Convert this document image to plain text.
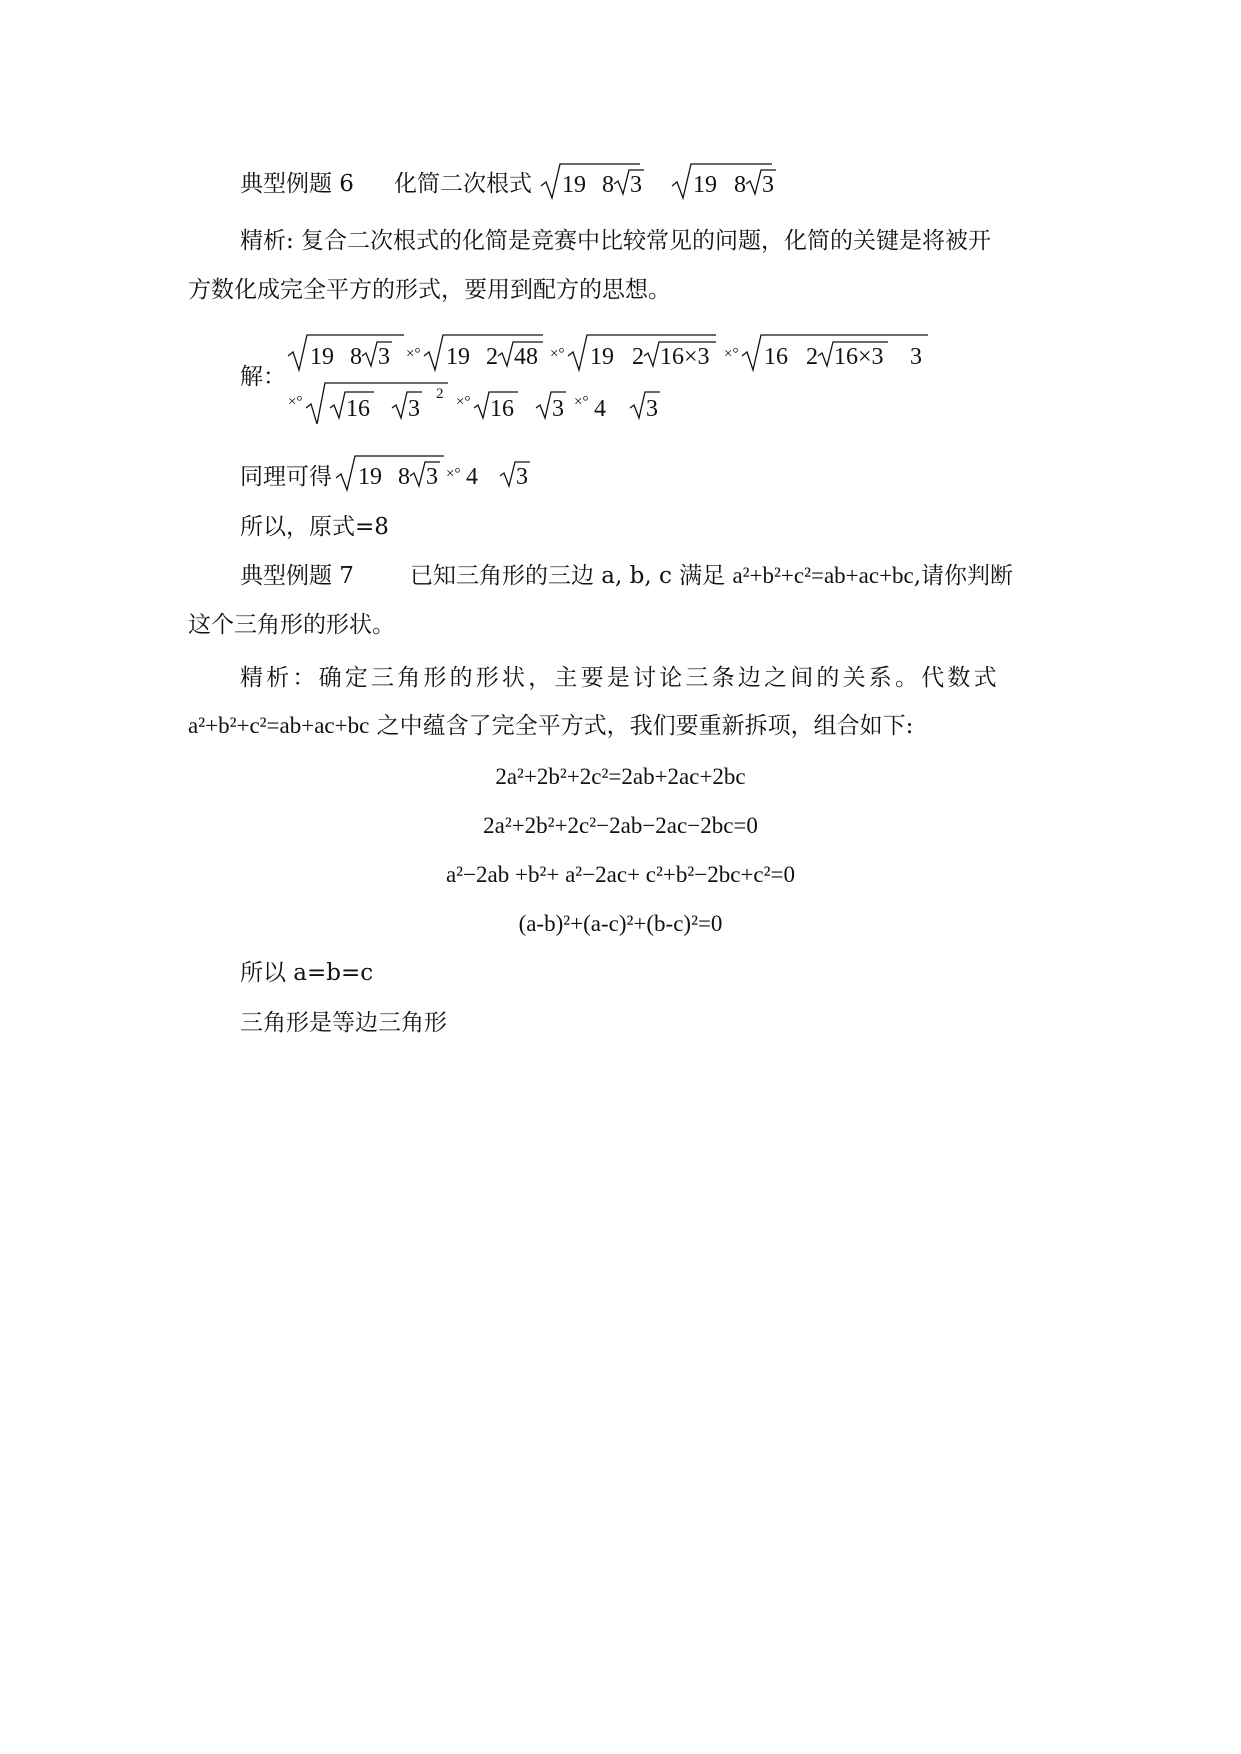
典型例题 6 化简二次根式 19 8 3 19 8 3
精析: 复合二次根式的化简是竞赛中比较常见的问题，化简的关键是将被开
方数化成完全平方的形式，要用到配方的思想。
解：
19 8 3 ×° 19 2 48 ×° 19 2 16×3 ×° 16 2 16×3 3
×° 16 3
2 ×° 16 3 ×° 4 3
同理可得 19 8 3 ×° 4 3
所以，原式=8
典型例题 7 已知三角形的三边 a, b, c 满足 a²+b²+c²=ab+ac+bc,请你判断
这个三角形的形状。
精析：确定三角形的形状，主要是讨论三条边之间的关系。代数式
a²+b²+c²=ab+ac+bc 之中蕴含了完全平方式，我们要重新拆项，组合如下:
2a²+2b²+2c²=2ab+2ac+2bc
2a²+2b²+2c²−2ab−2ac−2bc=0
a²−2ab +b²+ a²−2ac+ c²+b²−2bc+c²=0
(a-b)²+(a-c)²+(b-c)²=0
所以 a=b=c
三角形是等边三角形
